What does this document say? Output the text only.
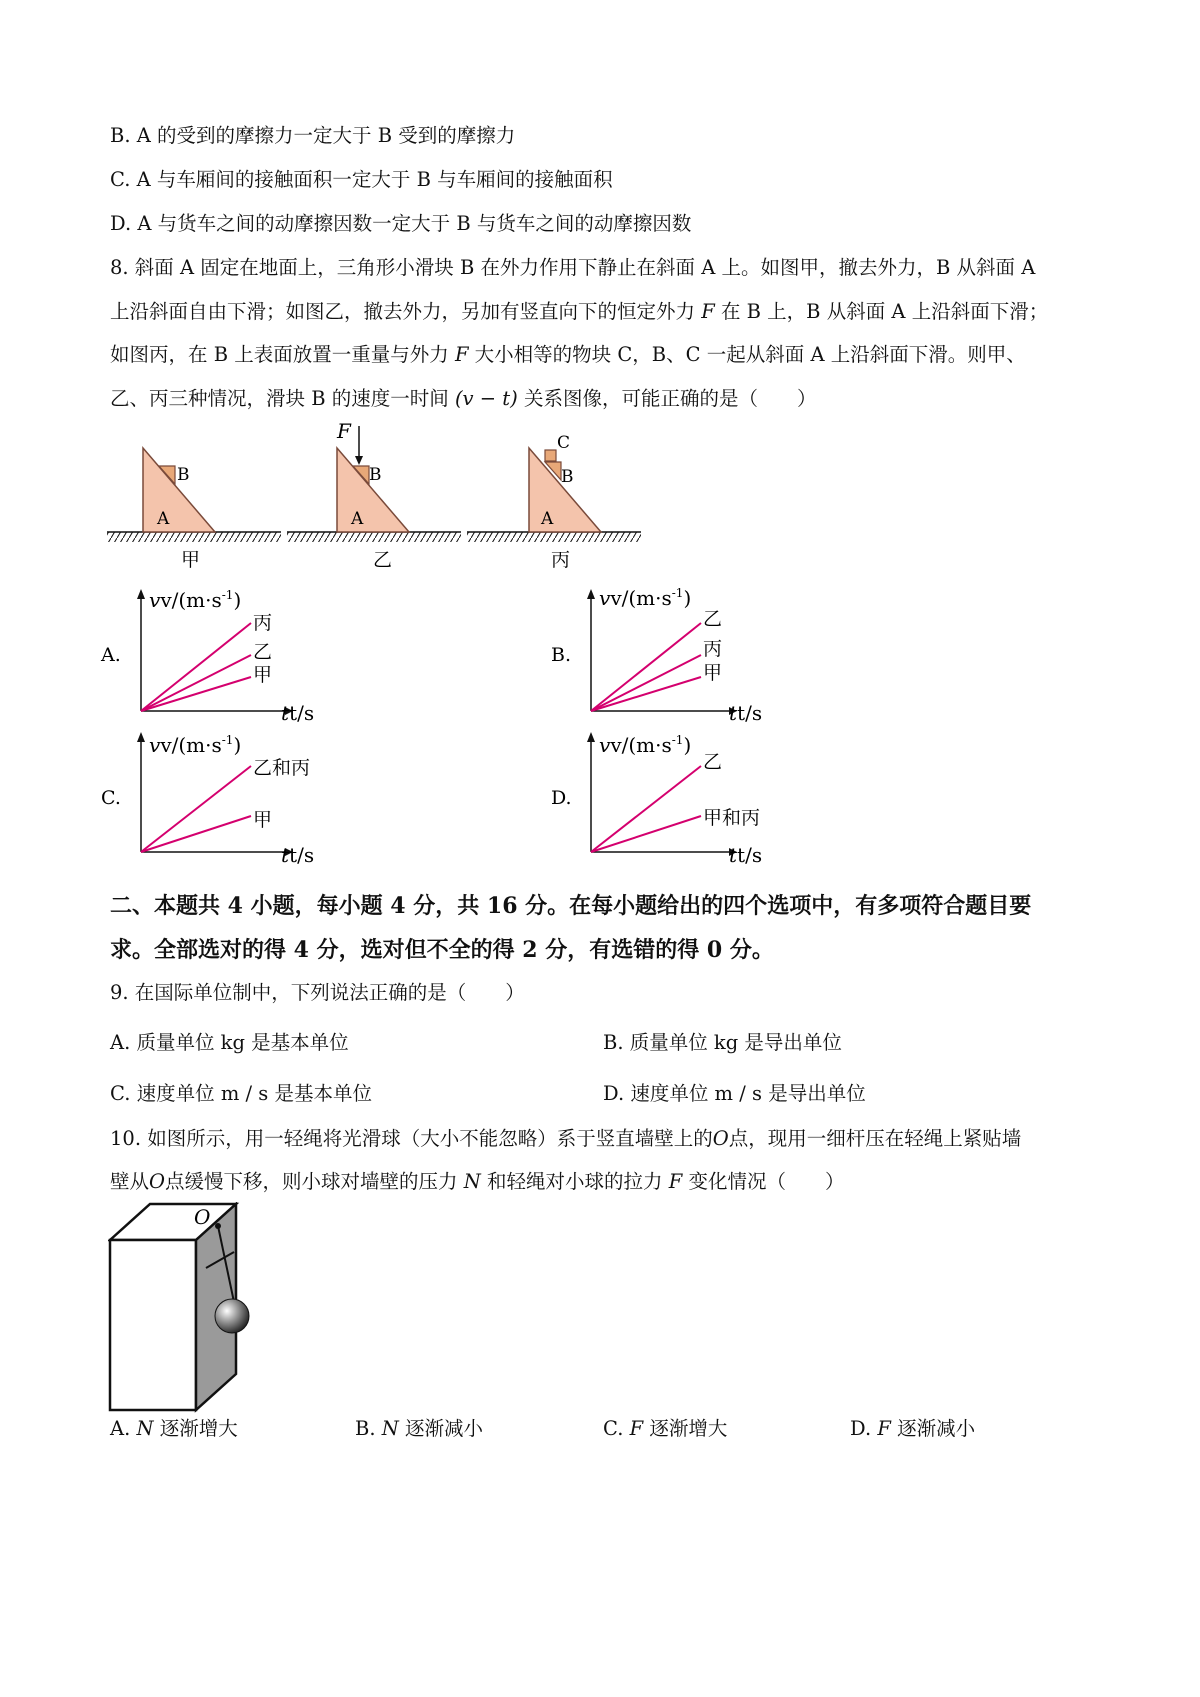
B. A 的受到的摩擦力一定大于 B 受到的摩擦力
C. A 与车厢间的接触面积一定大于 B 与车厢间的接触面积
D. A 与货车之间的动摩擦因数一定大于 B 与货车之间的动摩擦因数
8. 斜面 A 固定在地面上，三角形小滑块 B 在外力作用下静止在斜面 A 上。如图甲，撤去外力，B 从斜面 A
上沿斜面自由下滑；如图乙，撤去外力，另加有竖直向下的恒定外力 F 在 B 上，B 从斜面 A 上沿斜面下滑；
如图丙，在 B 上表面放置一重量与外力 F 大小相等的物块 C，B、C 一起从斜面 A 上沿斜面下滑。则甲、
乙、丙三种情况，滑块 B 的速度一时间 (v − t) 关系图像，可能正确的是（　　）
B
A
甲
F
B
A
乙
C
B
A
丙
A.
$vv/(m\cdot s^{-1})$
tt/s
丙
乙
甲
B.
$vv/(m\cdot s^{-1})$
tt/s
乙
丙
甲
C.
$vv/(m\cdot s^{-1})$
tt/s
乙和丙
甲
D.
$vv/(m\cdot s^{-1})$
tt/s
乙
甲和丙
二、本题共 4 小题，每小题 4 分，共 16 分。在每小题给出的四个选项中，有多项符合题目要
求。全部选对的得 4 分，选对但不全的得 2 分，有选错的得 0 分。
9. 在国际单位制中，下列说法正确的是（　　）
A. 质量单位 kg 是基本单位	B. 质量单位 kg 是导出单位
C. 速度单位 m / s 是基本单位	D. 速度单位 m / s 是导出单位
10. 如图所示，用一轻绳将光滑球（大小不能忽略）系于竖直墙壁上的O点，现用一细杆压在轻绳上紧贴墙
壁从O点缓慢下移，则小球对墙壁的压力 N 和轻绳对小球的拉力 F 变化情况（　　）
O
A. N 逐渐增大	B. N 逐渐减小	C. F 逐渐增大	D. F 逐渐减小
